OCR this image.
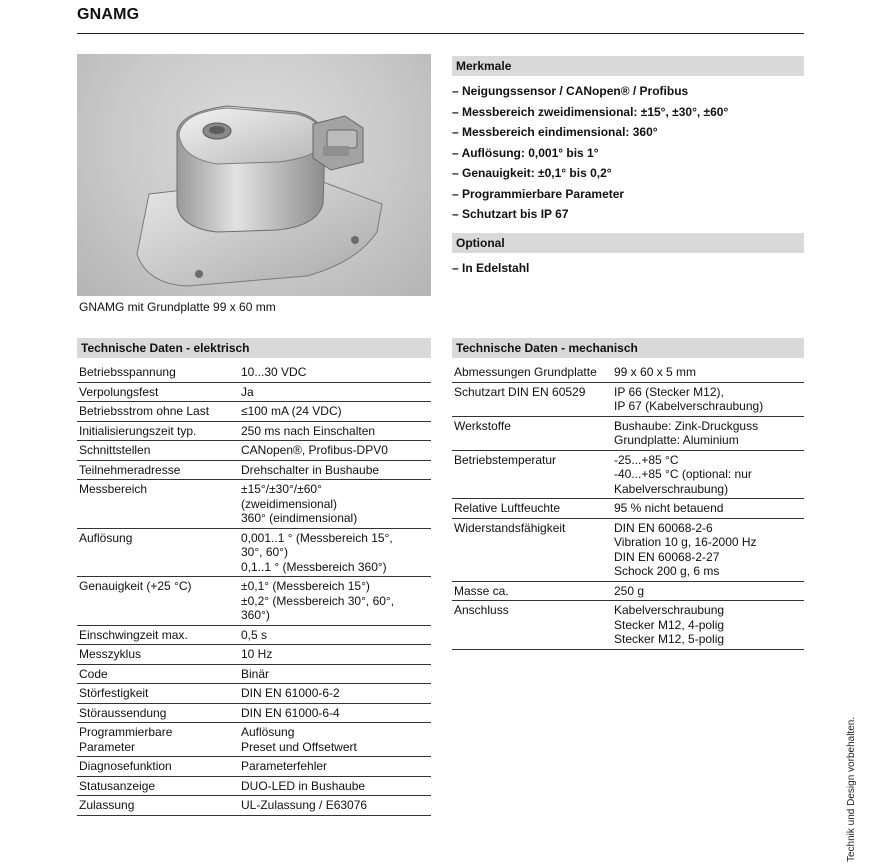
GNAMG
GNAMG mit Grundplatte 99 x 60 mm
Merkmale
– Neigungssensor / CANopen® / Profibus
– Messbereich zweidimensional: ±15°, ±30°, ±60°
– Messbereich eindimensional: 360°
– Auflösung: 0,001° bis 1°
– Genauigkeit: ±0,1° bis 0,2°
– Programmierbare Parameter
– Schutzart bis IP 67
Optional
– In Edelstahl
Technische Daten - elektrisch
Betriebsspannung	10...30 VDC

Verpolungsfest	Ja

Betriebsstrom ohne Last	≤100 mA (24 VDC)

Initialisierungszeit typ.	250 ms nach Einschalten

Schnittstellen	CANopen®, Profibus-DPV0

Teilnehmeradresse	Drehschalter in Bushaube

Messbereich	±15°/±30°/±60°
(zweidimensional)
360° (eindimensional)

Auflösung	0,001..1 ° (Messbereich 15°,
30°, 60°)
0,1..1 ° (Messbereich 360°)

Genauigkeit (+25 °C)	±0,1° (Messbereich 15°)
±0,2° (Messbereich 30°, 60°,
360°)

Einschwingzeit max.	0,5 s

Messzyklus	10 Hz

Code	Binär

Störfestigkeit	DIN EN 61000-6-2

Störaussendung	DIN EN 61000-6-4

Programmierbare
Parameter	Auflösung
Preset und Offsetwert

Diagnosefunktion	Parameterfehler

Statusanzeige	DUO-LED in Bushaube

Zulassung	UL-Zulassung / E63076
Technische Daten - mechanisch
Abmessungen Grundplatte	99 x 60 x 5 mm

Schutzart DIN EN 60529	IP 66 (Stecker M12),
IP 67 (Kabelverschraubung)

Werkstoffe	Bushaube: Zink-Druckguss
Grundplatte: Aluminium

Betriebstemperatur	-25...+85 °C
-40...+85 °C (optional: nur
Kabelverschraubung)

Relative Luftfeuchte	95 % nicht betauend

Widerstandsfähigkeit	DIN EN 60068-2-6
Vibration 10 g, 16-2000 Hz
DIN EN 60068-2-27
Schock 200 g, 6 ms

Masse ca.	250 g

Anschluss	Kabelverschraubung
Stecker M12, 4-polig
Stecker M12, 5-polig
Technik und Design vorbehalten.
